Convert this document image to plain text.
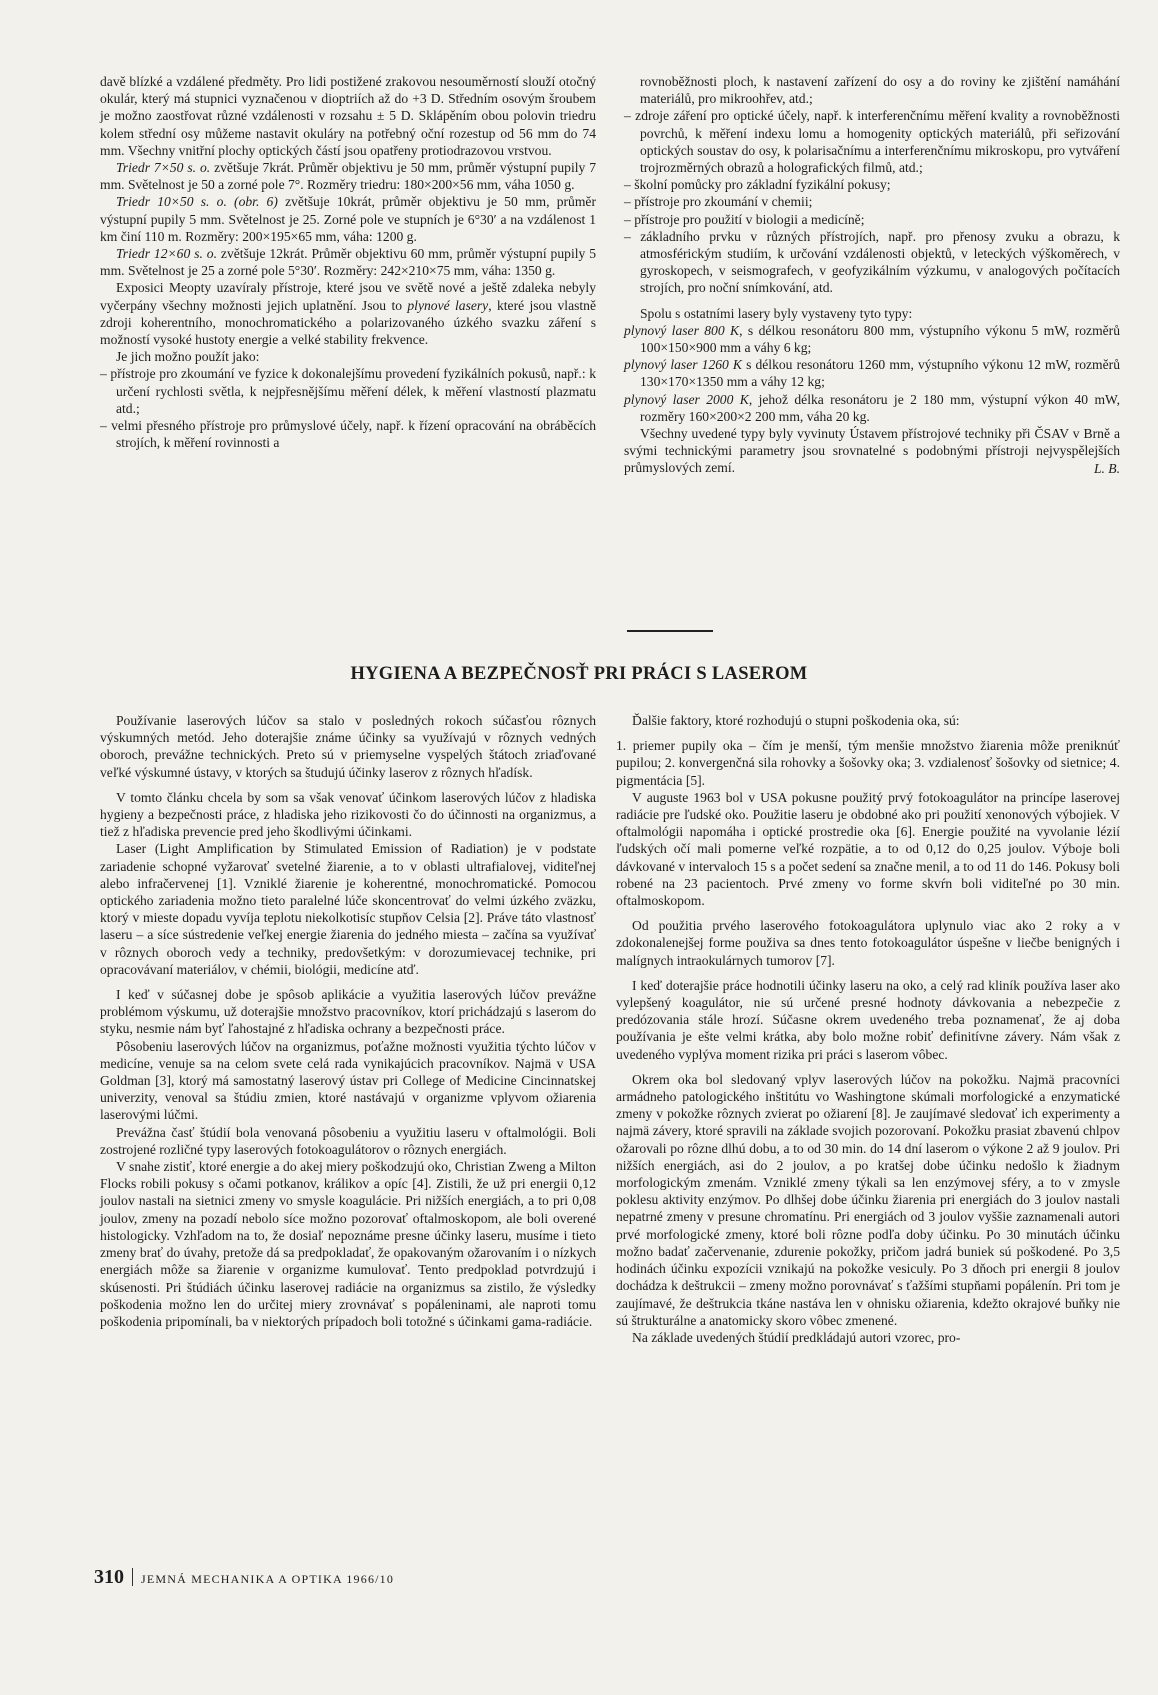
davě blízké a vzdálené předměty. Pro lidi postižené zrakovou nesouměrností slouží otočný okulár, který má stupnici vyznačenou v dioptriích až do +3 D. Středním osovým šroubem je možno zaostřovat různé vzdálenosti v rozsahu ± 5 D. Sklápěním obou polovin triedru kolem střední osy můžeme nastavit okuláry na potřebný oční rozestup od 56 mm do 74 mm. Všechny vnitřní plochy optických částí jsou opatřeny protiodrazovou vrstvou.

Triedr 7×50 s. o. zvětšuje 7krát. Průměr objektivu je 50 mm, průměr výstupní pupily 7 mm. Světelnost je 50 a zorné pole 7°. Rozměry triedru: 180×200×56 mm, váha 1050 g.

Triedr 10×50 s. o. (obr. 6) zvětšuje 10krát, průměr objektivu je 50 mm, průměr výstupní pupily 5 mm. Světelnost je 25. Zorné pole ve stupních je 6°30′ a na vzdálenost 1 km činí 110 m. Rozměry: 200×195×65 mm, váha: 1200 g.

Triedr 12×60 s. o. zvětšuje 12krát. Průměr objektivu 60 mm, průměr výstupní pupily 5 mm. Světelnost je 25 a zorné pole 5°30′. Rozměry: 242×210×75 mm, váha: 1350 g.

Exposici Meopty uzavíraly přístroje, které jsou ve světě nové a ještě zdaleka nebyly vyčerpány všechny možnosti jejich uplatnění. Jsou to plynové lasery, které jsou vlastně zdroji koherentního, monochromatického a polarizovaného úzkého svazku záření s možností vysoké hustoty energie a velké stability frekvence.

Je jich možno použít jako:

– přístroje pro zkoumání ve fyzice k dokonalejšímu provedení fyzikálních pokusů, např.: k určení rychlosti světla, k nejpřesnějšímu měření délek, k měření vlastností plazmatu atd.;
– velmi přesného přístroje pro průmyslové účely, např. k řízení opracování na obráběcích strojích, k měření rovinnosti a

rovnoběžnosti ploch, k nastavení zařízení do osy a do roviny ke zjištění namáhání materiálů, pro mikroohřev, atd.;

– zdroje záření pro optické účely, např. k interferenčnímu měření kvality a rovnoběžnosti povrchů, k měření indexu lomu a homogenity optických materiálů, při seřizování optických soustav do osy, k polarisačnímu a interferenčnímu mikroskopu, pro vytváření trojrozměrných obrazů a holografických filmů, atd.;
– školní pomůcky pro základní fyzikální pokusy;
– přístroje pro zkoumání v chemii;
– přístroje pro použití v biologii a medicíně;
– základního prvku v různých přístrojích, např. pro přenosy zvuku a obrazu, k atmosférickým studiím, k určování vzdálenosti objektů, v leteckých výškoměrech, v gyroskopech, v seismografech, v geofyzikálním výzkumu, v analogových počítacích strojích, pro noční snímkování, atd.

Spolu s ostatními lasery byly vystaveny tyto typy:

plynový laser 800 K, s délkou resonátoru 800 mm, výstupního výkonu 5 mW, rozměrů 100×150×900 mm a váhy 6 kg;

plynový laser 1260 K s délkou resonátoru 1260 mm, výstupního výkonu 12 mW, rozměrů 130×170×1350 mm a váhy 12 kg;

plynový laser 2000 K, jehož délka resonátoru je 2 180 mm, výstupní výkon 40 mW, rozměry 160×200×2 200 mm, váha 20 kg.

Všechny uvedené typy byly vyvinuty Ústavem přístrojové techniky při ČSAV v Brně a svými technickými parametry jsou srovnatelné s podobnými přístroji nejvyspělejších průmyslových zemí.	L. B.
HYGIENA A BEZPEČNOSŤ PRI PRÁCI S LASEROM

Používanie laserových lúčov sa stalo v posledných rokoch súčasťou rôznych výskumných metód. Jeho doterajšie známe účinky sa využívajú v rôznych vedných oboroch, prevážne technických. Preto sú v priemyselne vyspelých štátoch zriaďované veľké výskumné ústavy, v ktorých sa študujú účinky laserov z rôznych hľadísk.

V tomto článku chcela by som sa však venovať účinkom laserových lúčov z hladiska hygieny a bezpečnosti práce, z hladiska jeho rizikovosti čo do účinnosti na organizmus, a tiež z hľadiska prevencie pred jeho škodlivými účinkami.

Laser (Light Amplification by Stimulated Emission of Radiation) je v podstate zariadenie schopné vyžarovať svetelné žiarenie, a to v oblasti ultrafialovej, viditeľnej alebo infračervenej [1]. Vzniklé žiarenie je koherentné, monochromatické. Pomocou optického zariadenia možno tieto paralelné lúče skoncentrovať do velmi úzkého zväzku, ktorý v mieste dopadu vyvíja teplotu niekolkotisíc stupňov Celsia [2]. Práve táto vlastnosť laseru – a síce sústredenie veľkej energie žiarenia do jedného miesta – začína sa využívať v rôznych oboroch vedy a techniky, predovšetkým: v dorozumievacej technike, pri opracovávaní materiálov, v chémii, biológii, medicíne atď.

I keď v súčasnej dobe je spôsob aplikácie a využitia laserových lúčov prevážne problémom výskumu, už doterajšie množstvo pracovníkov, ktorí prichádzajú s laserom do styku, nesmie nám byť ľahostajné z hľadiska ochrany a bezpečnosti práce.

Pôsobeniu laserových lúčov na organizmus, poťažne možnosti využitia týchto lúčov v medicíne, venuje sa na celom svete celá rada vynikajúcich pracovníkov. Najmä v USA Goldman [3], ktorý má samostatný laserový ústav pri College of Medicine Cincinnatskej univerzity, venoval sa štúdiu zmien, ktoré nastávajú v organizme vplyvom ožiarenia laserovými lúčmi.

Prevážna časť štúdií bola venovaná pôsobeniu a využitiu laseru v oftalmológii. Boli zostrojené rozličné typy laserových fotokoagulátorov o rôznych energiách.

V snahe zistiť, ktoré energie a do akej miery poškodzujú oko, Christian Zweng a Milton Flocks robili pokusy s očami potkanov, králikov a opíc [4]. Zistili, že už pri energii 0,12 joulov nastali na sietnici zmeny vo smysle koagulácie. Pri nižších energiách, a to pri 0,08 joulov, zmeny na pozadí nebolo síce možno pozorovať oftalmoskopom, ale boli overené histologicky. Vzhľadom na to, že dosiaľ nepoznáme presne účinky laseru, musíme i tieto zmeny brať do úvahy, pretože dá sa predpokladať, že opakovaným ožarovaním i o nízkych energiách môže sa žiarenie v organizme kumulovať. Tento predpoklad potvrdzujú i skúsenosti. Pri štúdiách účinku laserovej radiácie na organizmus sa zistilo, že výsledky poškodenia možno len do určitej miery zrovnávať s popáleninami, ale naproti tomu poškodenia pripomínali, ba v niektorých prípadoch boli totožné s účinkami gama-radiácie.

Ďalšie faktory, ktoré rozhodujú o stupni poškodenia oka, sú:

1. priemer pupily oka – čím je menší, tým menšie množstvo žiarenia môže preniknúť pupilou; 2. konvergenčná sila rohovky a šošovky oka; 3. vzdialenosť šošovky od sietnice; 4. pigmentácia [5].

V auguste 1963 bol v USA pokusne použitý prvý fotokoagulátor na princípe laserovej radiácie pre ľudské oko. Použitie laseru je obdobné ako pri použití xenonových výbojiek. V oftalmológii napomáha i optické prostredie oka [6]. Energie použité na vyvolanie lézií ľudských očí mali pomerne veľké rozpätie, a to od 0,12 do 0,25 joulov. Výboje boli dávkované v intervaloch 15 s a počet sedení sa značne menil, a to od 11 do 146. Pokusy boli robené na 23 pacientoch. Prvé zmeny vo forme skvŕn boli viditeľné po 30 min. oftalmoskopom.

Od použitia prvého laserového fotokoagulátora uplynulo viac ako 2 roky a v zdokonalenejšej forme použiva sa dnes tento fotokoagulátor úspešne v liečbe benigných i malígnych intraokulárnych tumorov [7].

I keď doterajšie práce hodnotili účinky laseru na oko, a celý rad kliník používa laser ako vylepšený koagulátor, nie sú určené presné hodnoty dávkovania a nebezpečie z predózovania stále hrozí. Súčasne okrem uvedeného treba poznamenať, že aj doba používania je ešte velmi krátka, aby bolo možne robiť definitívne závery. Nám však z uvedeného vyplýva moment rizika pri práci s laserom vôbec.

Okrem oka bol sledovaný vplyv laserových lúčov na pokožku. Najmä pracovníci armádneho patologického inštitútu vo Washingtone skúmali morfologické a enzymatické zmeny v pokožke rôznych zvierat po ožiarení [8]. Je zaujímavé sledovať ich experimenty a najmä závery, ktoré spravili na základe svojich pozorovaní. Pokožku prasiat zbavenú chlpov ožarovali po rôzne dlhú dobu, a to od 30 min. do 14 dní laserom o výkone 2 až 9 joulov. Pri nižších energiách, asi do 2 joulov, a po kratšej dobe účinku nedošlo k žiadnym morfologickým zmenám. Vzniklé zmeny týkali sa len enzýmovej sféry, a to v zmysle poklesu aktivity enzýmov. Po dlhšej dobe účinku žiarenia pri energiách do 3 joulov nastali nepatrné zmeny v presune chromatínu. Pri energiách od 3 joulov vyššie zaznamenali autori prvé morfologické zmeny, ktoré boli rôzne podľa doby účinku. Po 30 minutách účinku možno badať začervenanie, zdurenie pokožky, pričom jadrá buniek sú poškodené. Po 3,5 hodinách účinku expozícii vznikajú na pokožke vesiculy. Po 3 dňoch pri energii 8 joulov dochádza k deštrukcii – zmeny možno porovnávať s ťažšími stupňami popálenín. Pri tom je zaujímavé, že deštrukcia tkáne nastáva len v ohnisku ožiarenia, kdežto okrajové buňky nie sú štrukturálne a anatomicky skoro vôbec zmenené.

Na základe uvedených štúdií predkládajú autori vzorec, pro-

310 JEMNÁ MECHANIKA A OPTIKA 1966/10
